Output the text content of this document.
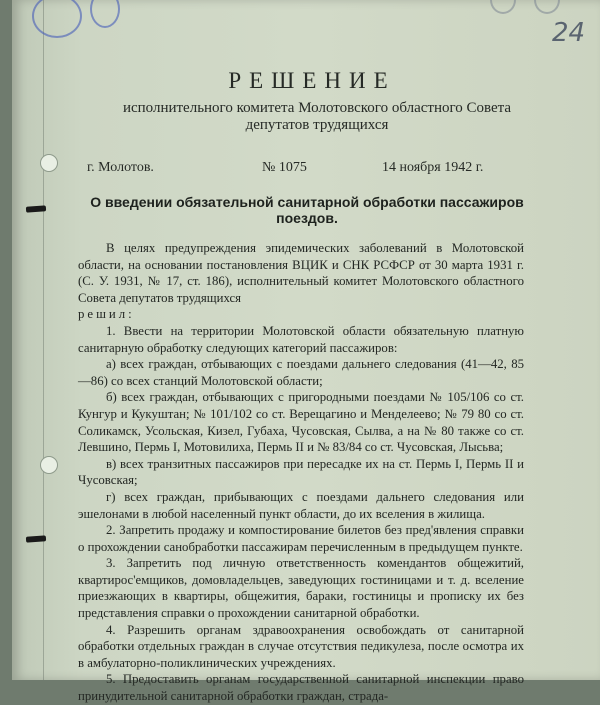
24
РЕШЕНИЕ
исполнительного комитета Молотовского областного Совета
депутатов трудящихся
г. Молотов.	№ 1075	14 ноября 1942 г.
О введении обязательной санитарной обработки пассажиров
поездов.

В целях предупреждения эпидемических заболеваний в Молотовской области, на основании постановления ВЦИК и СНК РСФСР от 30 марта 1931 г. (С. У. 1931, № 17, ст. 186), исполнительный комитет Молотовского областного Совета депутатов трудящихся

решил:

1. Ввести на территории Молотовской области обязательную платную санитарную обработку следующих категорий пассажиров:

а) всех граждан, отбывающих с поездами дальнего следования (41—42, 85—86) со всех станций Молотовской области;

б) всех граждан, отбывающих с пригородными поездами № 105/106 со ст. Кунгур и Кукуштан; № 101/102 со ст. Верещагино и Менделеево; № 79 80 со ст. Соликамск, Усольская, Кизел, Губаха, Чусовская, Сылва, а на № 80 также со ст. Левшино, Пермь I, Мотовилиха, Пермь II и № 83/84 со ст. Чусовская, Лысьва;

в) всех транзитных пассажиров при пересадке их на ст. Пермь I, Пермь II и Чусовская;

г) всех граждан, прибывающих с поездами дальнего следования или эшелонами в любой населенный пункт области, до их вселения в жилища.

2. Запретить продажу и компостирование билетов без пред'явления справки о прохождении санобработки пассажирам перечисленным в предыдущем пункте.

3. Запретить под личную ответственность комендантов общежитий, квартирос'емщиков, домовладельцев, заведующих гостиницами и т. д. вселение приезжающих в квартиры, общежития, бараки, гостиницы и прописку их без представления справки о прохождении санитарной обработки.

4. Разрешить органам здравоохранения освобождать от санитарной обработки отдельных граждан в случае отсутствия педикулеза, после осмотра их в амбулаторно-поликлинических учреждениях.

5. Предоставить органам государственной санитарной инспекции право принудительной санитарной обработки граждан, страда-
